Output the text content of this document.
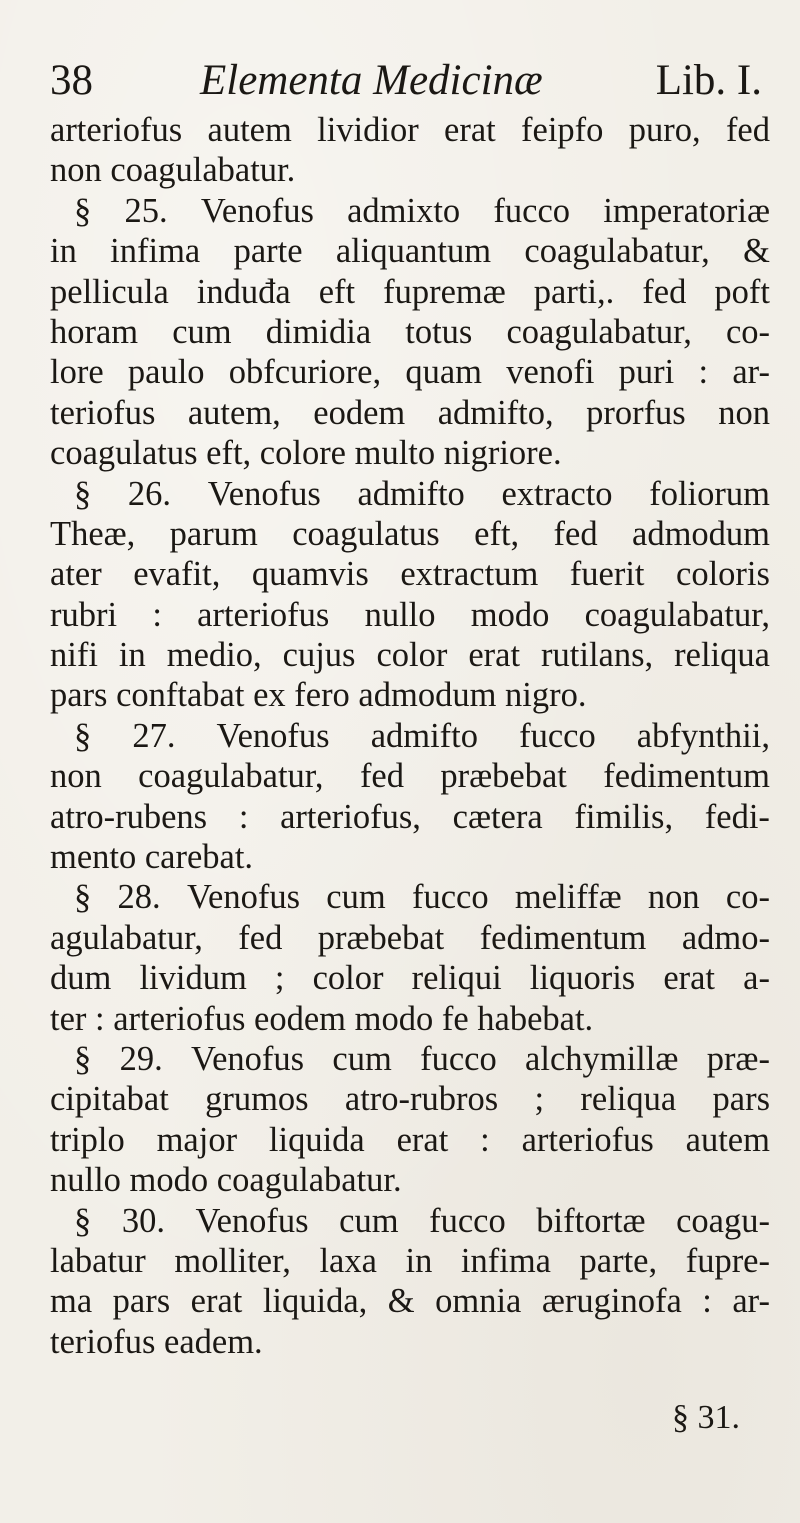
38 Elementa Medicinæ	Lib. I.
arteriofus autem lividior erat feipfo puro, fed
non coagulabatur.
§ 25. Venofus admixto fucco imperatoriæ
in infima parte aliquantum coagulabatur, &
pellicula induđa eft fupremæ parti,. fed poft
horam cum dimidia totus coagulabatur, co-
lore paulo obfcuriore, quam venofi puri : ar-
teriofus autem, eodem admifto, prorfus non
coagulatus eft, colore multo nigriore.
§ 26. Venofus admifto extracto foliorum
Theæ, parum coagulatus eft, fed admodum
ater evafit, quamvis extractum fuerit coloris
rubri : arteriofus nullo modo coagulabatur,
nifi in medio, cujus color erat rutilans, reliqua
pars conftabat ex fero admodum nigro.
§ 27. Venofus admifto fucco abfynthii,
non coagulabatur, fed præbebat fedimentum
atro-rubens : arteriofus, cætera fimilis, fedi-
mento carebat.
§ 28. Venofus cum fucco meliffæ non co-
agulabatur, fed præbebat fedimentum admo-
dum lividum ; color reliqui liquoris erat a-
ter : arteriofus eodem modo fe habebat.
§ 29. Venofus cum fucco alchymillæ præ-
cipitabat grumos atro-rubros ; reliqua pars
triplo major liquida erat : arteriofus autem
nullo modo coagulabatur.
§ 30. Venofus cum fucco biftortæ coagu-
labatur molliter, laxa in infima parte, fupre-
ma pars erat liquida, & omnia æruginofa : ar-
teriofus eadem.
§ 31.
